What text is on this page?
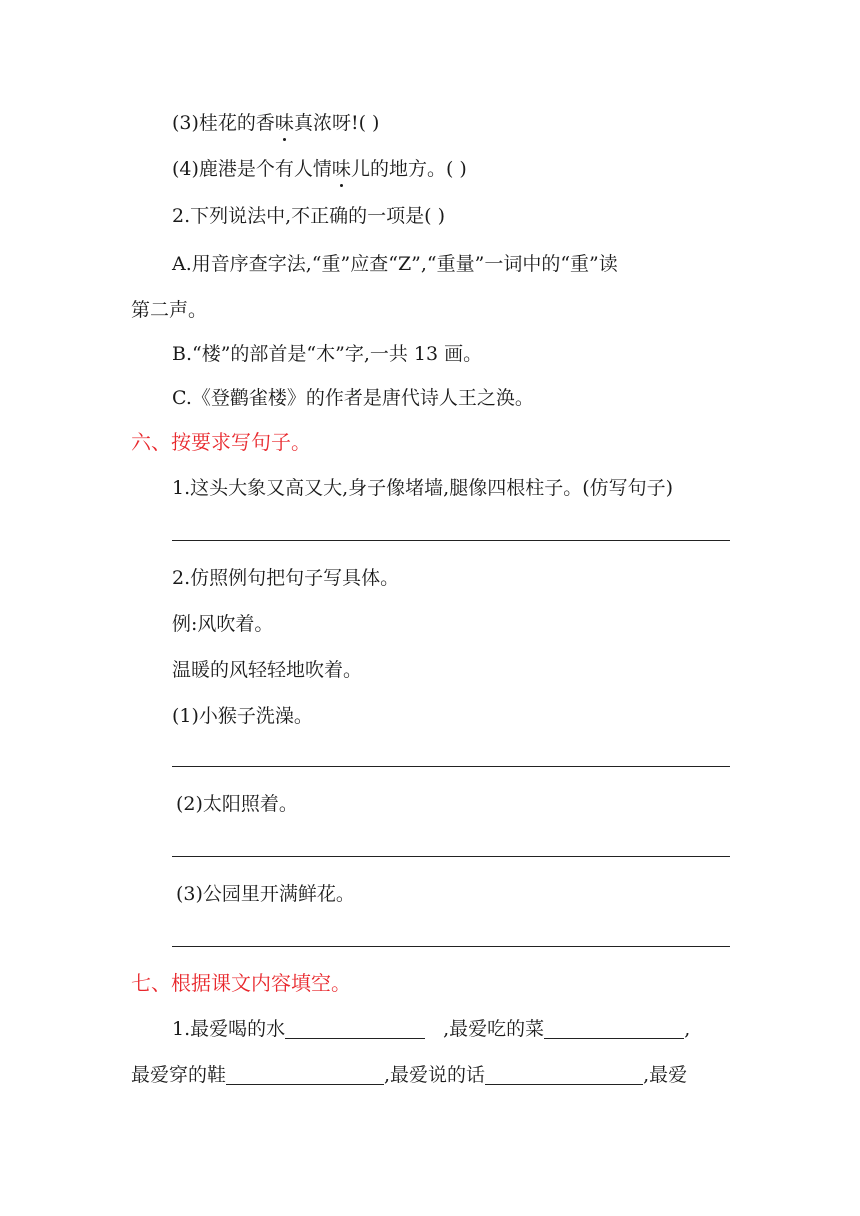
(3)桂花的香味真浓呀!( )
(4)鹿港是个有人情味儿的地方。( )
2.下列说法中,不正确的一项是( )
A.用音序查字法,“重”应查“Z”,“重量”一词中的“重”读
第二声。
B.“楼”的部首是“木”字,一共 13 画。
C.《登鹳雀楼》的作者是唐代诗人王之涣。
六、按要求写句子。
1.这头大象又高又大,身子像堵墙,腿像四根柱子。(仿写句子)
2.仿照例句把句子写具体。
例:风吹着。
温暖的风轻轻地吹着。
(1)小猴子洗澡。
(2)太阳照着。
(3)公园里开满鲜花。
七、根据课文内容填空。
1.最爱喝的水	,最爱吃的菜	,
最爱穿的鞋	,最爱说的话	,最爱
